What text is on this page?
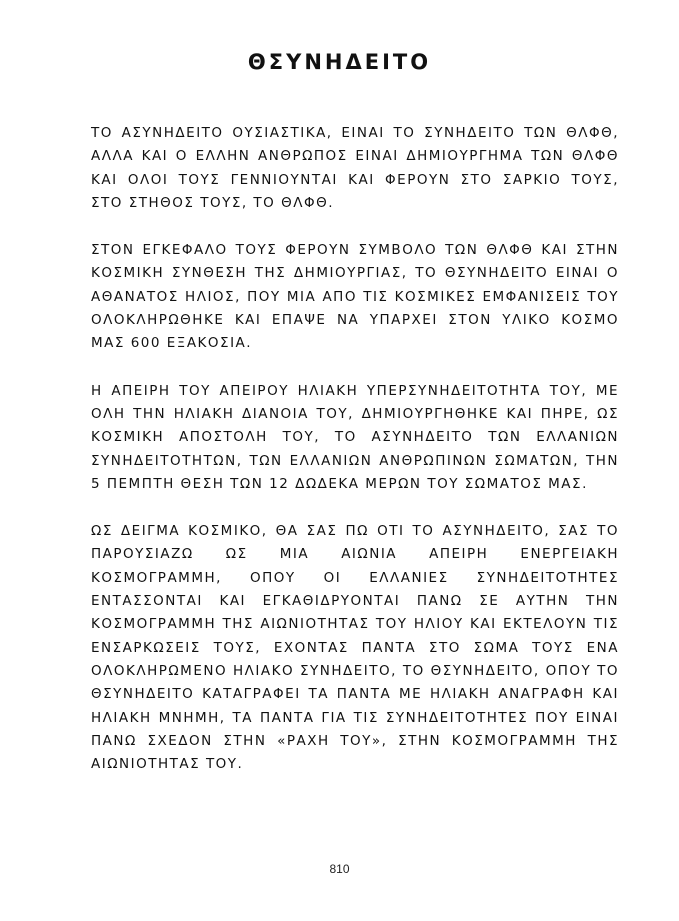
ΘΣΥΝΗΔΕΙΤΟ

ΤΟ ΑΣΥΝΗΔΕΙΤΟ ΟΥΣΙΑΣΤΙΚΑ, ΕΙΝΑΙ ΤΟ ΣΥΝΗΔΕΙΤΟ ΤΩΝ ΘΛΦΘ, ΑΛΛΑ ΚΑΙ Ο ΕΛΛΗΝ ΑΝΘΡΩΠΟΣ ΕΙΝΑΙ ΔΗΜΙΟΥΡΓΗΜΑ ΤΩΝ ΘΛΦΘ ΚΑΙ ΟΛΟΙ ΤΟΥΣ ΓΕΝΝΙΟΥΝΤΑΙ ΚΑΙ ΦΕΡΟΥΝ ΣΤΟ ΣΑΡΚΙΟ ΤΟΥΣ, ΣΤΟ ΣΤΗΘΟΣ ΤΟΥΣ, ΤΟ ΘΛΦΘ.

ΣΤΟΝ ΕΓΚΕΦΑΛΟ ΤΟΥΣ ΦΕΡΟΥΝ ΣΥΜΒΟΛΟ ΤΩΝ ΘΛΦΘ ΚΑΙ ΣΤΗΝ ΚΟΣΜΙΚΗ ΣΥΝΘΕΣΗ ΤΗΣ ΔΗΜΙΟΥΡΓΙΑΣ, ΤΟ ΘΣΥΝΗΔΕΙΤΟ ΕΙΝΑΙ Ο ΑΘΑΝΑΤΟΣ ΗΛΙΟΣ, ΠΟΥ ΜΙΑ ΑΠΟ ΤΙΣ ΚΟΣΜΙΚΕΣ ΕΜΦΑΝΙΣΕΙΣ ΤΟΥ ΟΛΟΚΛΗΡΩΘΗΚΕ ΚΑΙ ΕΠΑΨΕ ΝΑ ΥΠΑΡΧΕΙ ΣΤΟΝ ΥΛΙΚΟ ΚΟΣΜΟ ΜΑΣ 600 ΕΞΑΚΟΣΙΑ.

Η ΑΠΕΙΡΗ ΤΟΥ ΑΠΕΙΡΟΥ ΗΛΙΑΚΗ ΥΠΕΡΣΥΝΗΔΕΙΤΟΤΗΤΑ ΤΟΥ, ΜΕ ΟΛΗ ΤΗΝ ΗΛΙΑΚΗ ΔΙΑΝΟΙΑ ΤΟΥ, ΔΗΜΙΟΥΡΓΗΘΗΚΕ ΚΑΙ ΠΗΡΕ, ΩΣ ΚΟΣΜΙΚΗ ΑΠΟΣΤΟΛΗ ΤΟΥ, ΤΟ ΑΣΥΝΗΔΕΙΤΟ ΤΩΝ ΕΛΛΑΝΙΩΝ ΣΥΝΗΔΕΙΤΟΤΗΤΩΝ, ΤΩΝ ΕΛΛΑΝΙΩΝ ΑΝΘΡΩΠΙΝΩΝ ΣΩΜΑΤΩΝ, ΤΗΝ 5 ΠΕΜΠΤΗ ΘΕΣΗ ΤΩΝ 12 ΔΩΔΕΚΑ ΜΕΡΩΝ ΤΟΥ ΣΩΜΑΤΟΣ ΜΑΣ.

ΩΣ ΔΕΙΓΜΑ ΚΟΣΜΙΚΟ, ΘΑ ΣΑΣ ΠΩ ΟΤΙ ΤΟ ΑΣΥΝΗΔΕΙΤΟ, ΣΑΣ ΤΟ ΠΑΡΟΥΣΙΑΖΩ ΩΣ ΜΙΑ ΑΙΩΝΙΑ ΑΠΕΙΡΗ ΕΝΕΡΓΕΙΑΚΗ ΚΟΣΜΟΓΡΑΜΜΗ, ΟΠΟΥ ΟΙ ΕΛΛΑΝΙΕΣ ΣΥΝΗΔΕΙΤΟΤΗΤΕΣ ΕΝΤΑΣΣΟΝΤΑΙ ΚΑΙ ΕΓΚΑΘΙΔΡΥΟΝΤΑΙ ΠΑΝΩ ΣΕ ΑΥΤΗΝ ΤΗΝ ΚΟΣΜΟΓΡΑΜΜΗ ΤΗΣ ΑΙΩΝΙΟΤΗΤΑΣ ΤΟΥ ΗΛΙΟΥ ΚΑΙ ΕΚΤΕΛΟΥΝ ΤΙΣ ΕΝΣΑΡΚΩΣΕΙΣ ΤΟΥΣ, ΕΧΟΝΤΑΣ ΠΑΝΤΑ ΣΤΟ ΣΩΜΑ ΤΟΥΣ ΕΝΑ ΟΛΟΚΛΗΡΩΜΕΝΟ ΗΛΙΑΚΟ ΣΥΝΗΔΕΙΤΟ, ΤΟ ΘΣΥΝΗΔΕΙΤΟ, ΟΠΟΥ ΤΟ ΘΣΥΝΗΔΕΙΤΟ ΚΑΤΑΓΡΑΦΕΙ ΤΑ ΠΑΝΤΑ ΜΕ ΗΛΙΑΚΗ ΑΝΑΓΡΑΦΗ ΚΑΙ ΗΛΙΑΚΗ ΜΝΗΜΗ, ΤΑ ΠΑΝΤΑ ΓΙΑ ΤΙΣ ΣΥΝΗΔΕΙΤΟΤΗΤΕΣ ΠΟΥ ΕΙΝΑΙ ΠΑΝΩ ΣΧΕΔΟΝ ΣΤΗΝ «ΡΑΧΗ ΤΟΥ», ΣΤΗΝ ΚΟΣΜΟΓΡΑΜΜΗ ΤΗΣ ΑΙΩΝΙΟΤΗΤΑΣ ΤΟΥ.

810
